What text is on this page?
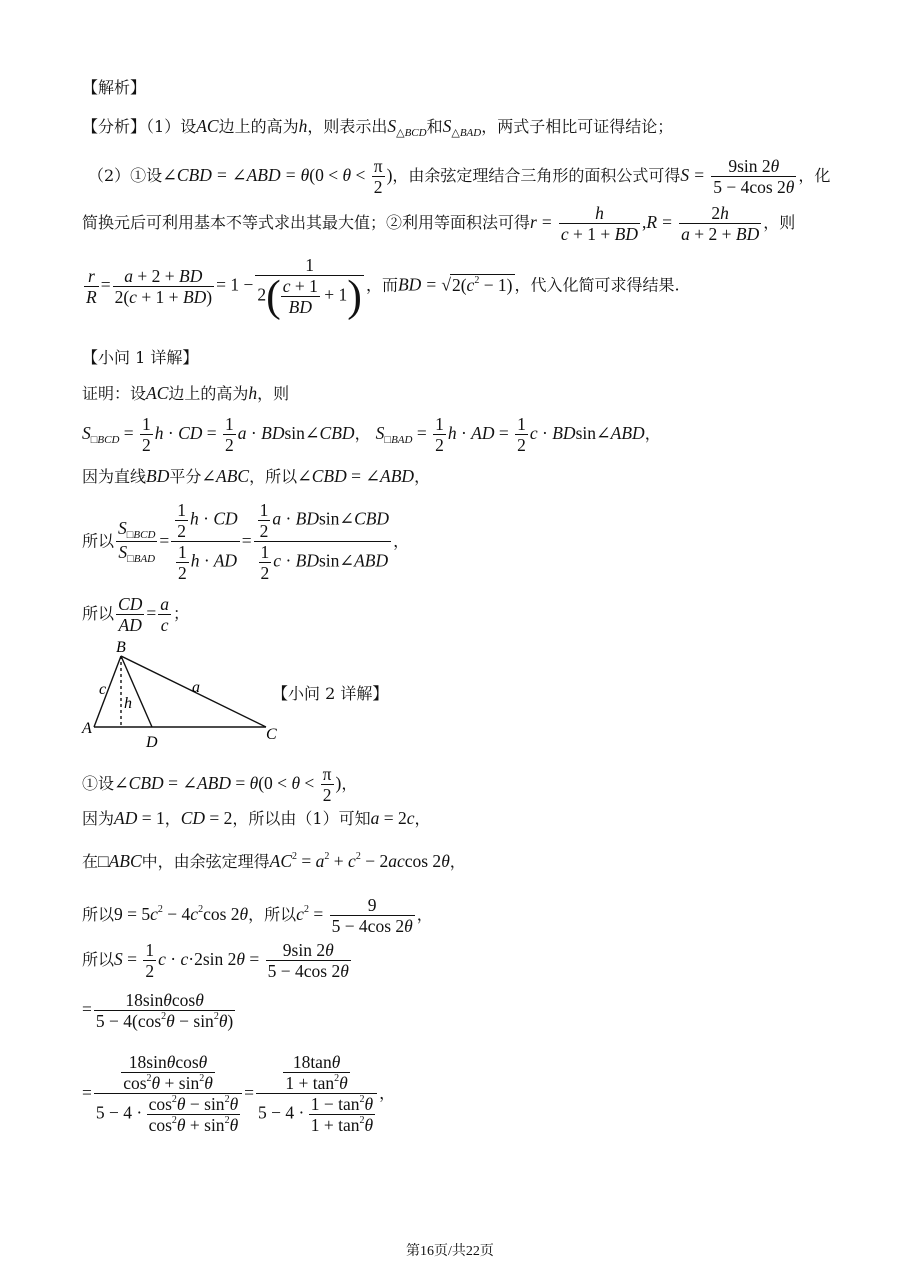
【解析】
【分析】（1）设AC边上的高为h，则表示出$S_{\triangle BCD}$和$S_{\triangle BAD}$，两式子相比可证得结论；
（2）①设∠CBD = ∠ABD = $\theta(0 < \theta < \frac{\pi}{2}$ )，由余弦定理结合三角形的面积公式可得$S = \frac{9\sin 2\theta}{5 - 4\cos 2\theta}$ ，化
简换元后可利用基本不等式求出其最大值；②利用等面积法可得$r = \frac{h}{c + 1 + BD} ,R = \frac{2h}{a + 2 + BD}$ ，则
$\frac{r}{R} = \frac{a + 2 + BD}{2(c + 1 + BD)} = 1 - \frac{1}{2( \frac{c + 1}{BD} + 1)}$ ，而BD = $√2(c^2 - 1)$ ，代入化简可求得结果.
【小问 1 详解】
证明：设AC边上的高为h，则
$S_{□BCD} = \frac{1}{2}$ h · CD = $\frac{1}{2}$ a · BDsin∠CBD， $S_{□BAD} = \frac{1}{2}$ h · AD = $\frac{1}{2}$ c · BDsin∠ABD，
因为直线BD平分∠ABC，所以∠CBD = ∠ABD，
所以 $\frac{S_{□BCD}}{S_{□BAD}} = \frac{\frac{1}{2} h \cdot CD}{\frac{1}{2} h \cdot AD} = \frac{\frac{1}{2} a \cdot BDsin\angle CBD}{\frac{1}{2} c \cdot BDsin\angle ABD}$ ，
所以 $\frac{CD}{AD} = \frac{a}{c}$ ；
B
A
D	C
c	a
h
【小问 2 详解】
①设∠CBD = ∠ABD = $\theta(0 < \theta < \frac{\pi}{2}$ )，
因为AD = 1，CD = 2，所以由（1）可知a = 2c，
在□ABC中，由余弦定理得$AC^2 = a^2 + c^2 - 2accos$ 2θ，
所以$9 = 5c^2 - 4c^2\cos$ 2θ，所以$c^2 = \frac{9}{5 - 4\cos 2\theta}$ ，
所以$S = \frac{1}{2}$ c · c·2sin $2\theta = \frac{9\sin 2\theta}{5 - 4\cos 2\theta}$
= $\frac{18\sin\theta\cos\theta}{5 - 4(\cos^2\theta - \sin^2\theta)}$
= $\frac{\frac{18\sin\theta\cos\theta}{\cos^2\theta + \sin^2\theta}}{5 - 4 \cdot \frac{\cos^2\theta - \sin^2\theta}{\cos^2\theta + \sin^2\theta}} = \frac{\frac{18\tan\theta}{1 + \tan^2\theta}}{5 - 4 \cdot \frac{1 - \tan^2\theta}{1 + \tan^2\theta}}$ ，
第16页/共22页
